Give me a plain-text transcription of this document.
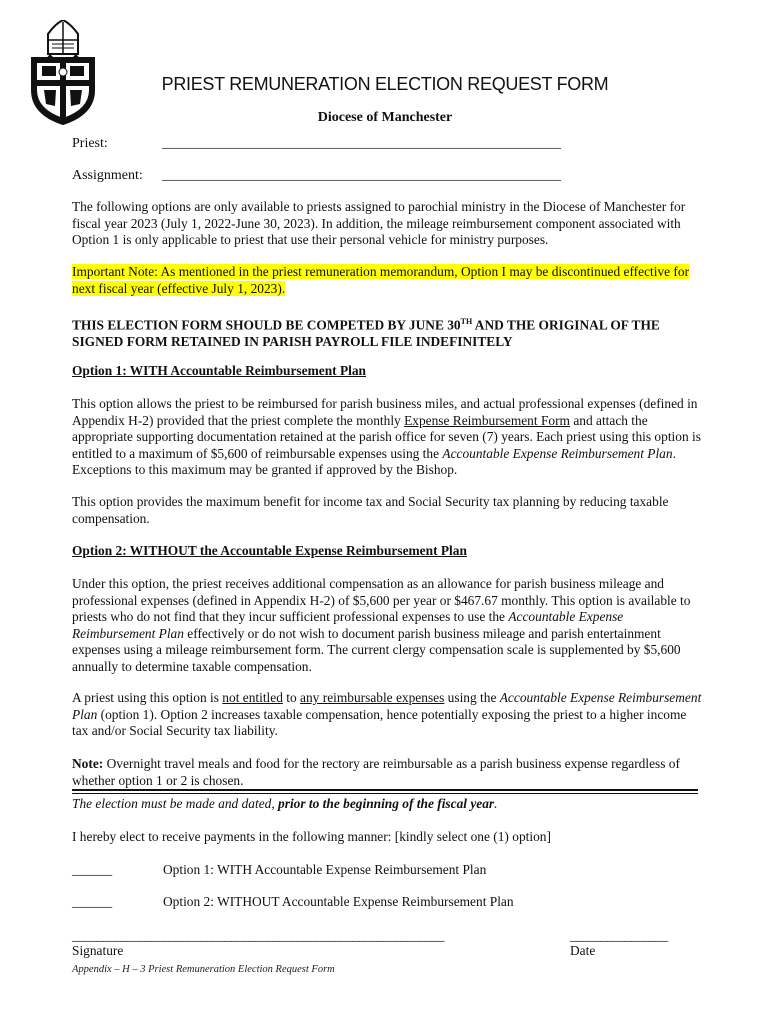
PRIEST REMUNERATION ELECTION REQUEST FORM
Diocese of Manchester
Priest:	_________________________________________________________
Assignment: _________________________________________________________
The following options are only available to priests assigned to parochial ministry in the Diocese of Manchester for fiscal year 2023 (July 1, 2022-June 30, 2023). In addition, the mileage reimbursement component associated with Option 1 is only applicable to priest that use their personal vehicle for ministry purposes.
Important Note: As mentioned in the priest remuneration memorandum, Option I may be discontinued effective for next fiscal year (effective July 1, 2023).
THIS ELECTION FORM SHOULD BE COMPETED BY JUNE 30TH AND THE ORIGINAL OF THE SIGNED FORM RETAINED IN PARISH PAYROLL FILE INDEFINITELY
Option 1: WITH Accountable Reimbursement Plan
This option allows the priest to be reimbursed for parish business miles, and actual professional expenses (defined in Appendix H-2) provided that the priest complete the monthly Expense Reimbursement Form and attach the appropriate supporting documentation retained at the parish office for seven (7) years. Each priest using this option is entitled to a maximum of $5,600 of reimbursable expenses using the Accountable Expense Reimbursement Plan. Exceptions to this maximum may be granted if approved by the Bishop.
This option provides the maximum benefit for income tax and Social Security tax planning by reducing taxable compensation.
Option 2: WITHOUT the Accountable Expense Reimbursement Plan
Under this option, the priest receives additional compensation as an allowance for parish business mileage and professional expenses (defined in Appendix H-2) of $5,600 per year or $467.67 monthly. This option is available to priests who do not find that they incur sufficient professional expenses to use the Accountable Expense Reimbursement Plan effectively or do not wish to document parish business mileage and parish entertainment expenses using a mileage reimbursement form. The current clergy compensation scale is supplemented by $5,600 annually to determine taxable compensation.
A priest using this option is not entitled to any reimbursable expenses using the Accountable Expense Reimbursement Plan (option 1). Option 2 increases taxable compensation, hence potentially exposing the priest to a higher income tax and/or Social Security tax liability.
Note: Overnight travel meals and food for the rectory are reimbursable as a parish business expense regardless of whether option 1 or 2 is chosen.
The election must be made and dated, prior to the beginning of the fiscal year.
I hereby elect to receive payments in the following manner: [kindly select one (1) option]
______	Option 1: WITH Accountable Expense Reimbursement Plan
______	Option 2: WITHOUT Accountable Expense Reimbursement Plan
_____________________________________________________________
Signature
________________
Date
Appendix – H – 3 Priest Remuneration Election Request Form
